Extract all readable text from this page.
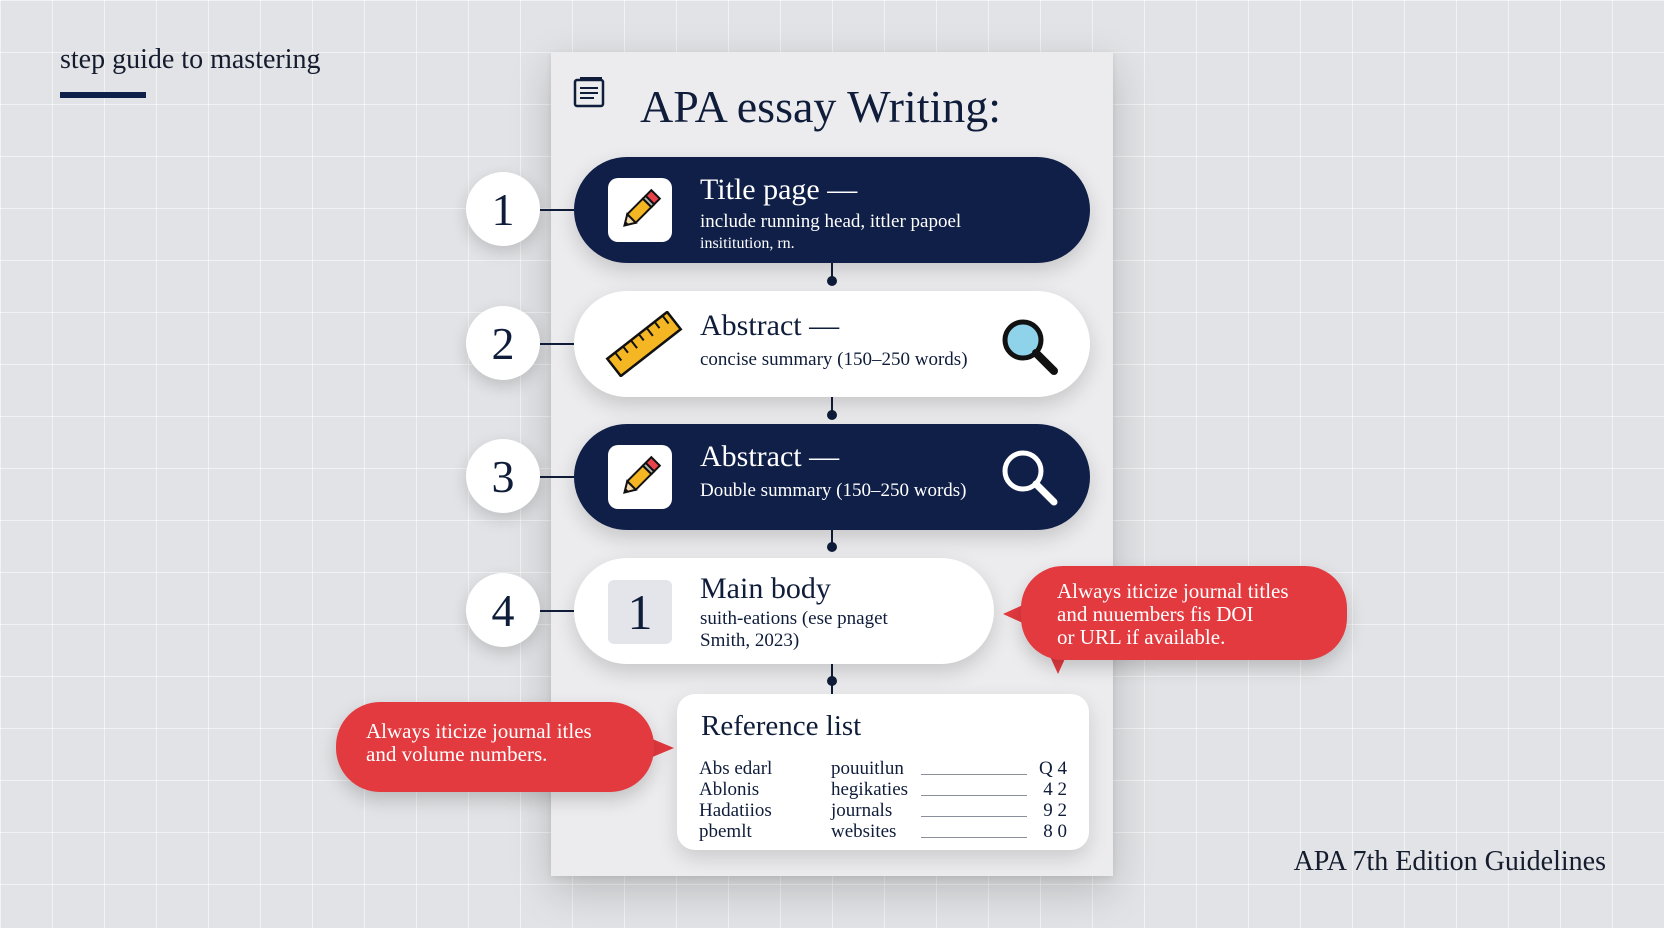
step guide to mastering
APA essay Writing:
1	Title page —
include running head, ittler papoel
insititution, rn.
2	Abstract —
concise summary (150–250 words)
3	Abstract —
Double summary (150–250 words)
4	1	Main body
suith-eations (ese pnaget
Smith, 2023)
Always iticize journal titles
and nuuembers fis DOI
or URL if available.
Always iticize journal itles
and volume numbers.
Reference list
Abs edarl	pouuitlun	Q 4
Ablonis	hegikaties	4 2
Hadatiios	journals	9 2
pbemlt	websites	8 0
APA 7th Edition Guidelines
